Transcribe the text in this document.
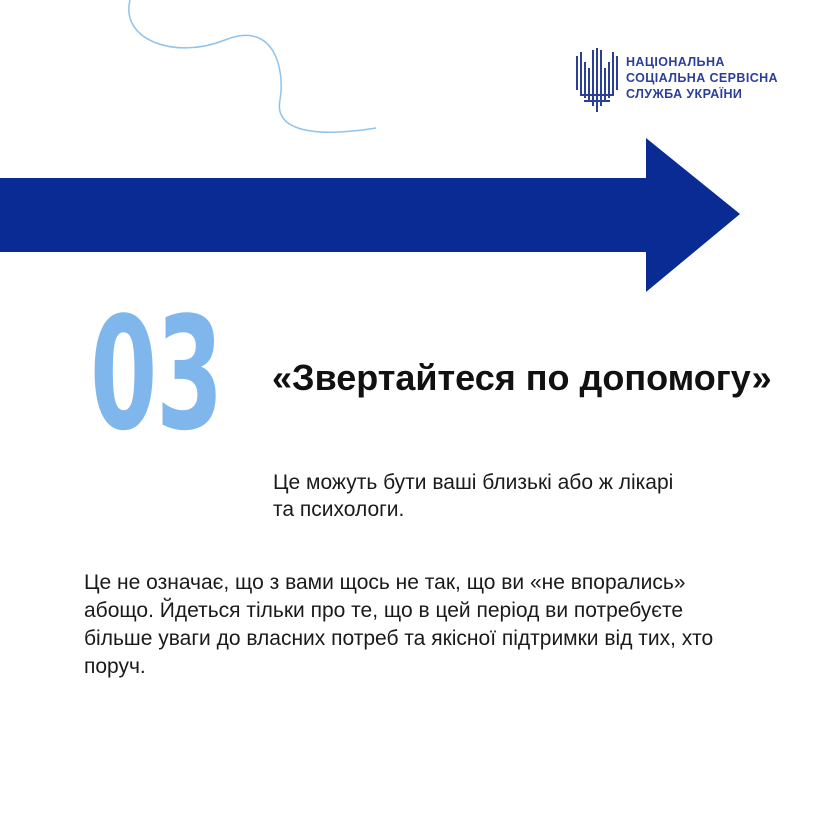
НАЦІОНАЛЬНА
СОЦІАЛЬНА СЕРВІСНА
СЛУЖБА УКРАЇНИ
03 «Звертайтеся по допомогу»

Це можуть бути ваші близькі або ж лікарі та психологи.

Це не означає, що з вами щось не так, що ви «не впорались» абощо. Йдеться тільки про те, що в цей період ви потребуєте більше уваги до власних потреб та якісної підтримки від тих, хто поруч.
